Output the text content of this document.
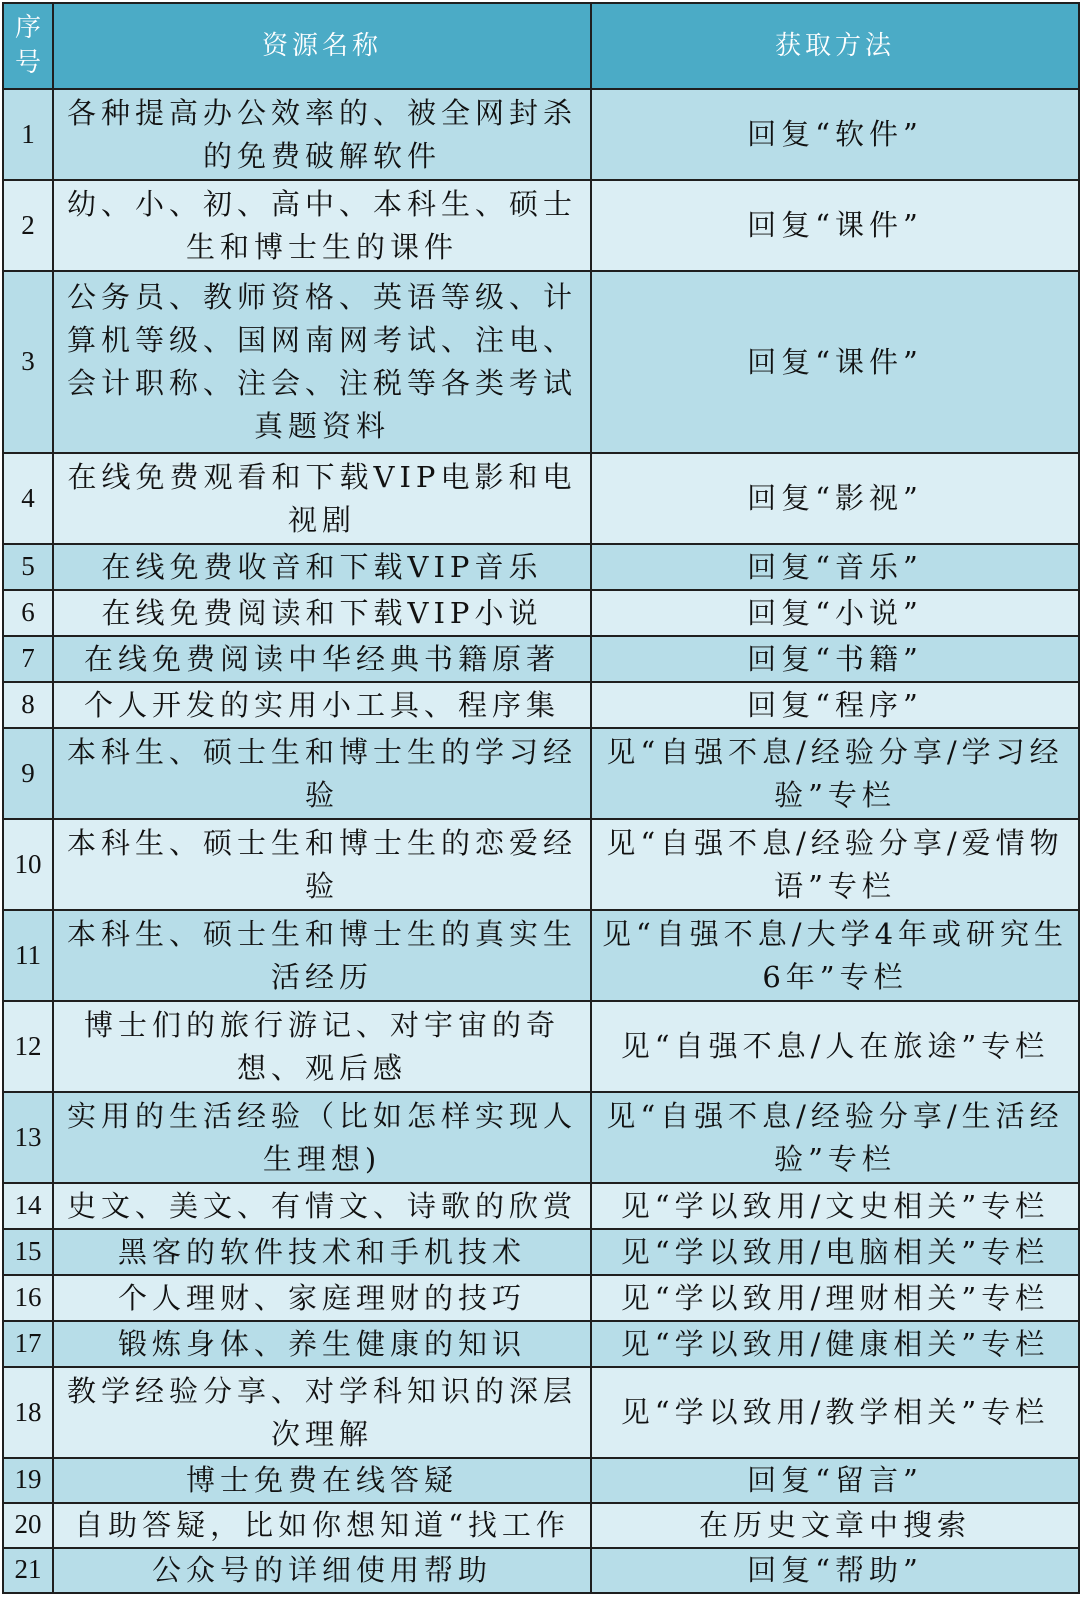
序号	资源名称	获取方法
1	各种提高办公效率的、被全网封杀的免费破解软件	回复“软件”
2	幼、小、初、高中、本科生、硕士生和博士生的课件	回复“课件”
3	公务员、教师资格、英语等级、计算机等级、国网南网考试、注电、会计职称、注会、注税等各类考试真题资料	回复“课件”
4	在线免费观看和下载VIP电影和电视剧	回复“影视”
5	在线免费收音和下载VIP音乐	回复“音乐”
6	在线免费阅读和下载VIP小说	回复“小说”
7	在线免费阅读中华经典书籍原著	回复“书籍”
8	个人开发的实用小工具、程序集	回复“程序”
9	本科生、硕士生和博士生的学习经验	见“自强不息/经验分享/学习经验”专栏
10	本科生、硕士生和博士生的恋爱经验	见“自强不息/经验分享/爱情物语”专栏
11	本科生、硕士生和博士生的真实生活经历	见“自强不息/大学4年或研究生6年”专栏
12	博士们的旅行游记、对宇宙的奇想、观后感	见“自强不息/人在旅途”专栏
13	实用的生活经验（比如怎样实现人生理想)	见“自强不息/经验分享/生活经验”专栏
14	史文、美文、有情文、诗歌的欣赏	见“学以致用/文史相关”专栏
15	黑客的软件技术和手机技术	见“学以致用/电脑相关”专栏
16	个人理财、家庭理财的技巧	见“学以致用/理财相关”专栏
17	锻炼身体、养生健康的知识	见“学以致用/健康相关”专栏
18	教学经验分享、对学科知识的深层次理解	见“学以致用/教学相关”专栏
19	博士免费在线答疑	回复“留言”
20	自助答疑，比如你想知道“找工作	在历史文章中搜索
21	公众号的详细使用帮助	回复“帮助”
